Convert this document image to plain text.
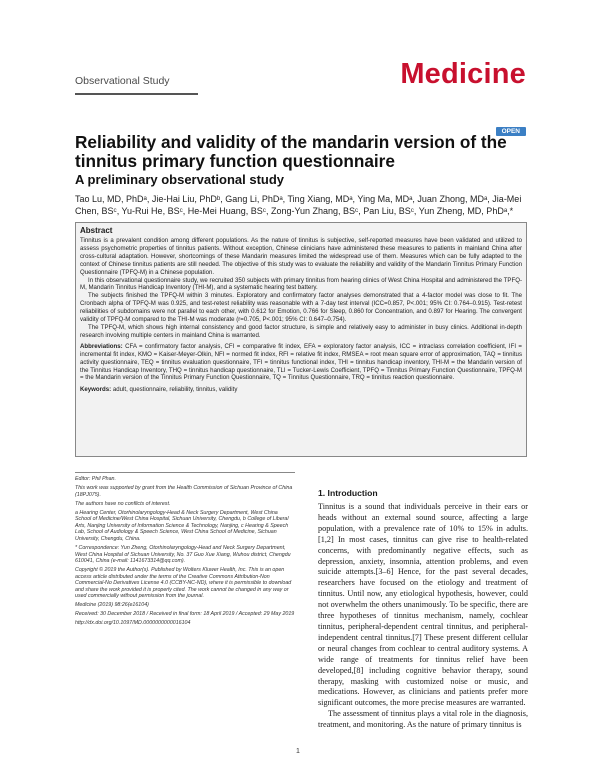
Observational Study	Medicine
OPEN
Reliability and validity of the mandarin version of the tinnitus primary function questionnaire
A preliminary observational study
Tao Lu, MD, PhDᵃ, Jie-Hai Liu, PhDᵇ, Gang Li, PhDᵃ, Ting Xiang, MDᵃ, Ying Ma, MDᵃ, Juan Zhong, MDᵃ, Jia-Mei Chen, BSᶜ, Yu-Rui He, BSᶜ, He-Mei Huang, BSᶜ, Zong-Yun Zhang, BSᶜ, Pan Liu, BSᶜ, Yun Zheng, MD, PhDᵃ,*

Abstract

Tinnitus is a prevalent condition among different populations. As the nature of tinnitus is subjective, self-reported measures have been validated and utilized to assess psychometric properties of tinnitus patients. Without exception, Chinese clinicians have administered these measures to patients in mainland China after cross-cultural adaptation. However, shortcomings of these Mandarin measures limited the widespread use of them. Measures which can be fully adapted to the context of Chinese tinnitus patients are still needed. The objective of this study was to evaluate the reliability and validity of the Mandarin Tinnitus Primary Function Questionnaire (TPFQ-M) in a Chinese population.

In this observational questionnaire study, we recruited 350 subjects with primary tinnitus from hearing clinics of West China Hospital and administered the TPFQ-M, Mandarin Tinnitus Handicap Inventory (THI-M), and a systematic hearing test battery.

The subjects finished the TPFQ-M within 3 minutes. Exploratory and confirmatory factor analyses demonstrated that a 4-factor model was close to fit. The Cronbach alpha of TPFQ-M was 0.925, and test-retest reliability was reasonable with a 7-day test interval (ICC=0.857, P<.001; 95% CI: 0.764–0.915). Test-retest reliabilities of subdomains were not parallel to each other, with 0.612 for Emotion, 0.766 for Sleep, 0.860 for Concentration, and 0.897 for Hearing. The convergent validity of TPFQ-M compared to the THI-M was moderate (r=0.705, P<.001; 95% CI: 0.647–0.754).

The TPFQ-M, which shows high internal consistency and good factor structure, is simple and relatively easy to administer in busy clinics. Additional in-depth research involving multiple centers in mainland China is warranted.

Abbreviations: CFA = confirmatory factor analysis, CFI = comparative fit index, EFA = exploratory factor analysis, ICC = intraclass correlation coefficient, IFI = incremental fit index, KMO = Kaiser-Meyer-Olkin, NFI = normed fit index, RFI = relative fit index, RMSEA = root mean square error of approximation, TAQ = tinnitus activity questionnaire, TEQ = tinnitus evaluation questionnaire, TFI = tinnitus functional index, THI = tinnitus handicap inventory, THI-M = the Mandarin version of the Tinnitus Handicap Inventory, THQ = tinnitus handicap questionnaire, TLI = Tucker-Lewis Coefficient, TPFQ = Tinnitus Primary Function Questionnaire, TPFQ-M = the Mandarin version of the Tinnitus Primary Function Questionnaire, TQ = Tinnitus Questionnaire, TRQ = tinnitus reaction questionnaire.

Keywords: adult, questionnaire, reliability, tinnitus, validity

Editor: Phil Phan.

This work was supported by grant from the Health Commission of Sichuan Province of China (18PJ075).

The authors have no conflicts of interest.

a Hearing Center, Otorhinolaryngology-Head & Neck Surgery Department, West China School of Medicine/West China Hospital, Sichuan University, Chengdu, b College of Liberal Arts, Nanjing University of Information Science & Technology, Nanjing, c Hearing & Speech Lab, School of Audiology & Speech Science, West China School of Medicine, Sichuan University, Chengdu, China.

* Correspondence: Yun Zheng, Otorhinolaryngology-Head and Neck Surgery Department, West China Hospital of Sichuan University, No. 37 Guo Xue Xiang, Wuhou district, Chengdu 610041, China (e-mail: 1141673314@qq.com).

Copyright © 2019 the Author(s). Published by Wolters Kluwer Health, Inc. This is an open access article distributed under the terms of the Creative Commons Attribution-Non Commercial-No Derivatives License 4.0 (CCBY-NC-ND), where it is permissible to download and share the work provided it is properly cited. The work cannot be changed in any way or used commercially without permission from the journal.

Medicine (2019) 98:26(e16104)

Received: 30 December 2018 / Received in final form: 18 April 2019 / Accepted: 29 May 2019

http://dx.doi.org/10.1097/MD.0000000000016104

1. Introduction

Tinnitus is a sound that individuals perceive in their ears or heads without an external sound source, affecting a large population, with a prevalence rate of 10% to 15% in adults.[1,2] In most cases, tinnitus can give rise to health-related concerns, with predominantly negative effects, such as depression, anxiety, insomnia, attention problems, and even suicide attempts.[3–6] Hence, for the past several decades, researchers have focused on the etiology and treatment of tinnitus. Until now, any etiological hypothesis, however, could not overwhelm the others unanimously. To be specific, there are three hypotheses of tinnitus mechanism, namely, cochlear tinnitus, peripheral-dependent central tinnitus, and peripheral-independent central tinnitus.[7] These present different cellular or neural changes from cochlear to central auditory systems. A wide range of treatments for tinnitus relief have been developed,[8] including cognitive behavior therapy, sound therapy, masking with customized noise or music, and medications. However, as clinicians and patients prefer more significant outcomes, the more precise measures are warranted.

The assessment of tinnitus plays a vital role in the diagnosis, treatment, and monitoring. As the nature of primary tinnitus is

1
